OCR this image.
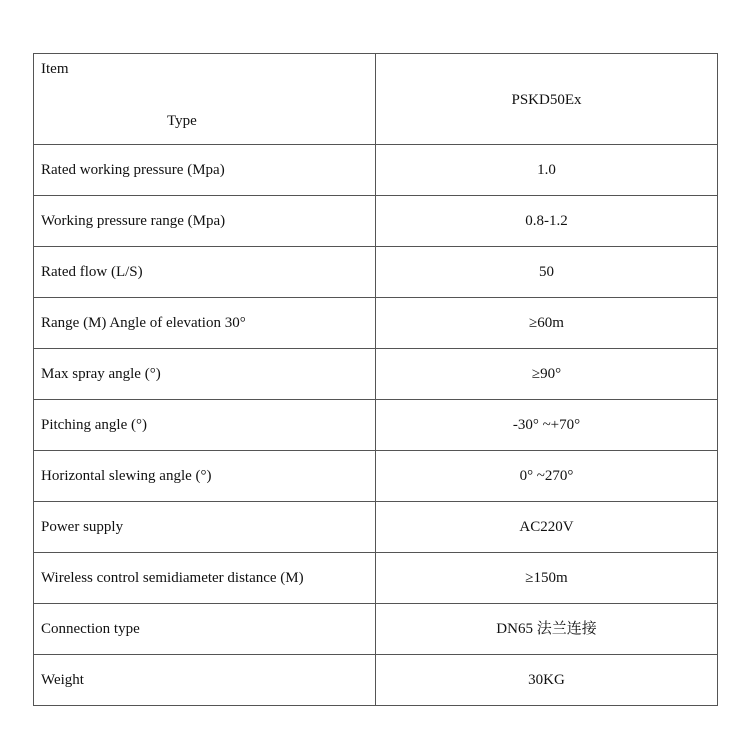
Item
Type	PSKD50Ex

Rated working pressure (Mpa)	1.0
Working pressure range (Mpa)	0.8-1.2
Rated flow (L/S)	50
Range (M) Angle of elevation 30°	≥60m
Max spray angle (°)	≥90°
Pitching angle (°)	-30° ~+70°
Horizontal slewing angle (°)	0° ~270°
Power supply	AC220V
Wireless control semidiameter distance (M)	≥150m
Connection type	DN65 法兰连接
Weight	30KG
